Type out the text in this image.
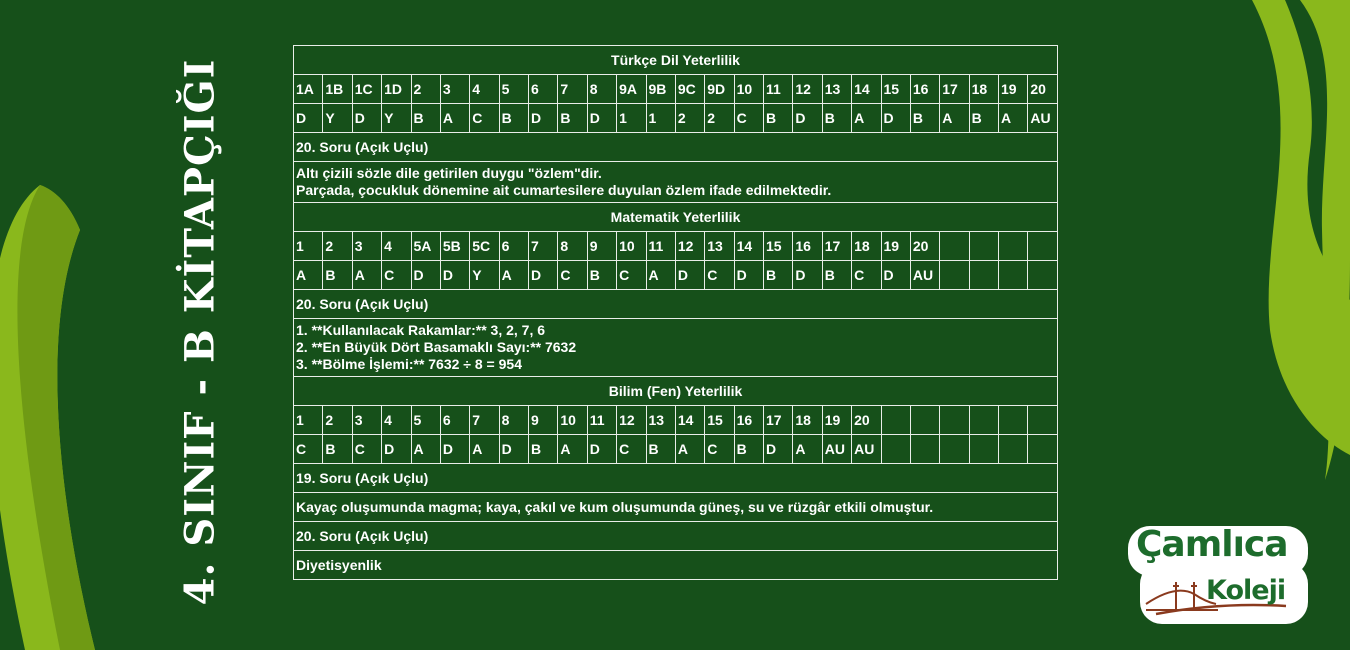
4. SINIF - B KİTAPÇIĞI	Türkçe Dil Yeterlilik																									
1A	1B	1C	1D	2	3	4	5	6	7	8	9A	9B	9C	9D	10	11	12	13	14	15	16	17	18	19	20
D	Y	D	Y	B	A	C	B	D	B	D	1	1	2	2	C	B	D	B	A	D	B	A	B	A	AU
20. Soru (Açık Uçlu)																									

Altı çizili sözle dile getirilen duygu "özlem"dir.
Parçada, çocukluk dönemine ait cumartesilere duyulan özlem ifade edilmektedir.																									

Matematik Yeterlilik																									
1	2	3	4	5A	5B	5C	6	7	8	9	10	11	12	13	14	15	16	17	18	19	20				
A	B	A	C	D	D	Y	A	D	C	B	C	A	D	C	D	B	D	B	C	D	AU				
20. Soru (Açık Uçlu)																									

1. **Kullanılacak Rakamlar:** 3, 2, 7, 6
2. **En Büyük Dört Basamaklı Sayı:** 7632
3. **Bölme İşlemi:** 7632 ÷ 8 = 954																									

Bilim (Fen) Yeterlilik																									
1	2	3	4	5	6	7	8	9	10	11	12	13	14	15	16	17	18	19	20						
C	B	C	D	A	D	A	D	B	A	D	C	B	A	C	B	D	A	AU	AU						
19. Soru (Açık Uçlu)																									
Kayaç oluşumunda magma; kaya, çakıl ve kum oluşumunda güneş, su ve rüzgâr etkili olmuştur.																									
20. Soru (Açık Uçlu)																									
Diyetisyenlik																										Çamlıca
Koleji
